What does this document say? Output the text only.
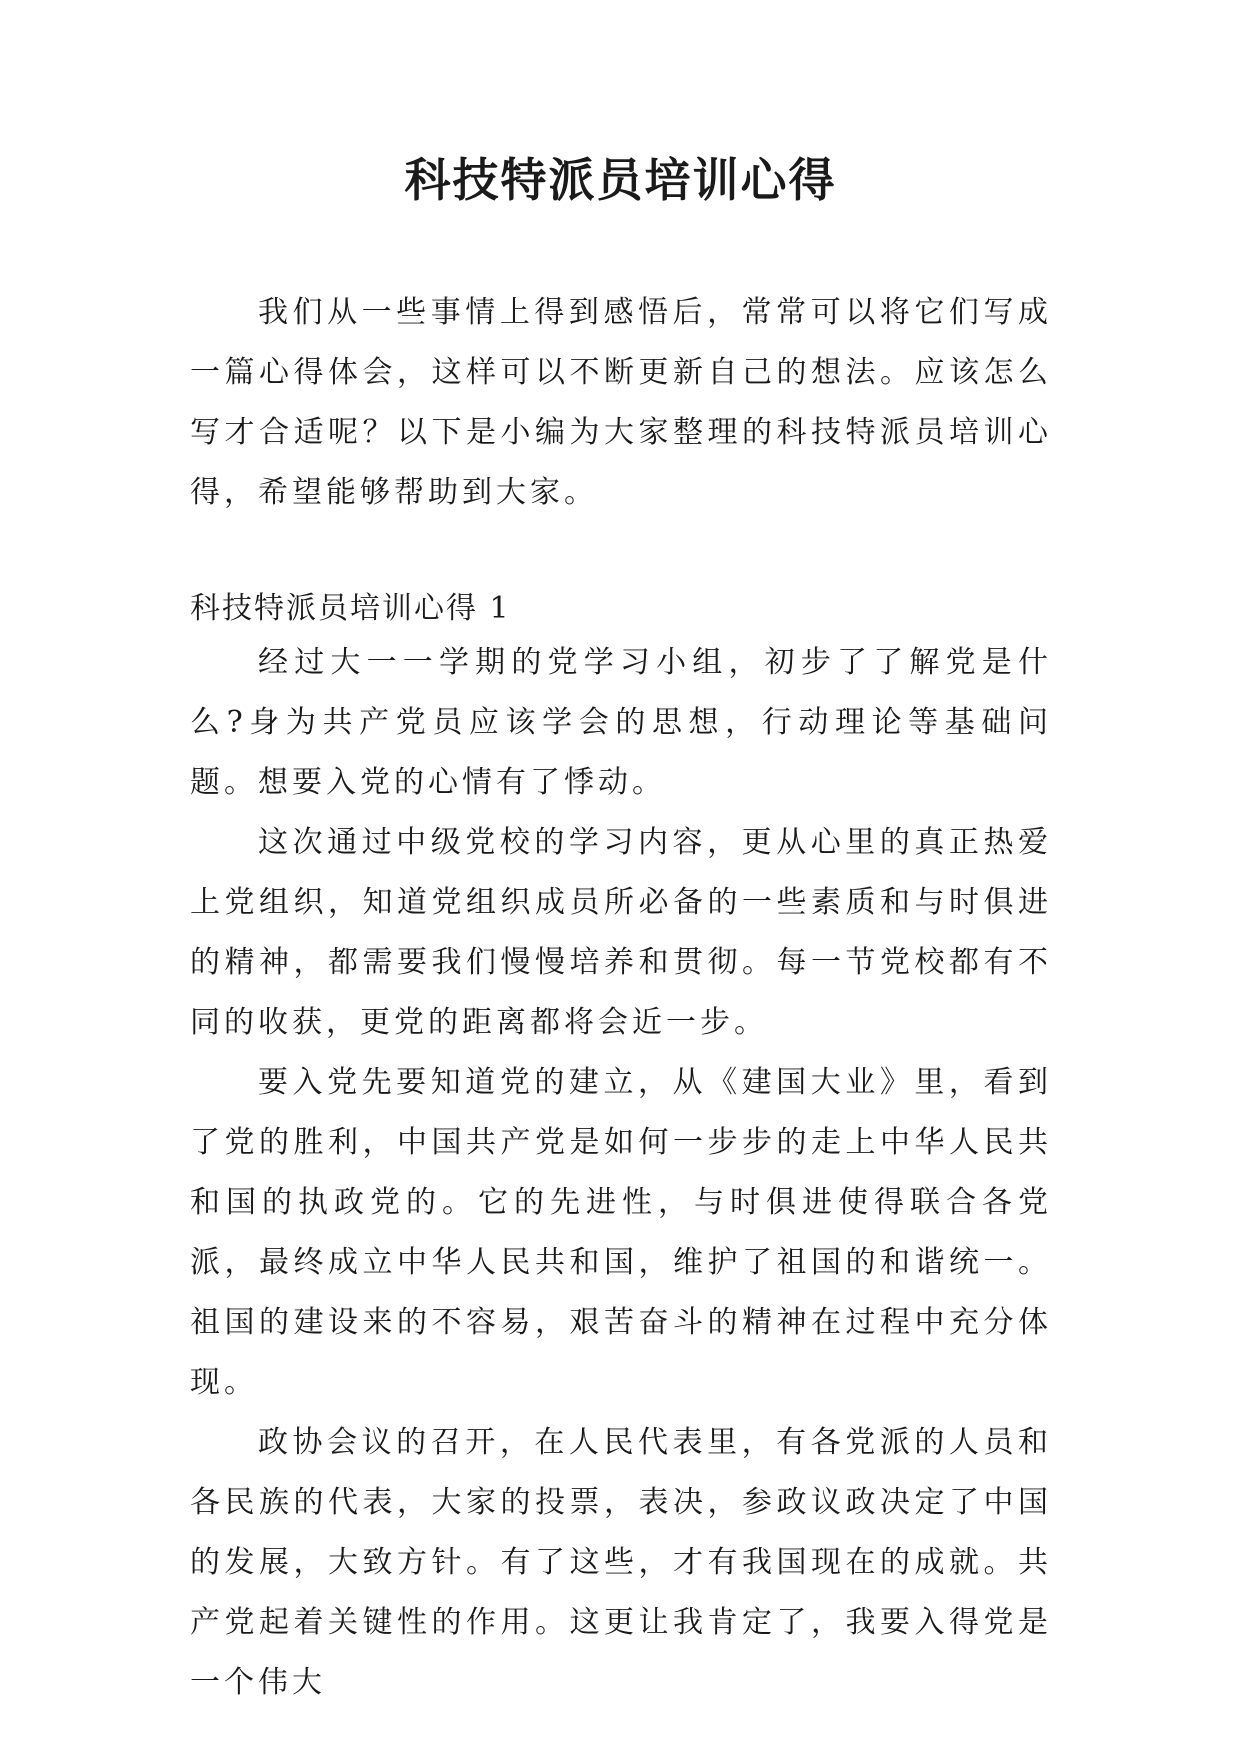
科技特派员培训心得

我们从一些事情上得到感悟后，常常可以将它们写成一篇心得体会，这样可以不断更新自己的想法。应该怎么写才合适呢？以下是小编为大家整理的科技特派员培训心得，希望能够帮助到大家。

科技特派员培训心得 1

经过大一一学期的党学习小组，初步了了解党是什么?身为共产党员应该学会的思想，行动理论等基础问题。想要入党的心情有了悸动。

这次通过中级党校的学习内容，更从心里的真正热爱上党组织，知道党组织成员所必备的一些素质和与时俱进的精神，都需要我们慢慢培养和贯彻。每一节党校都有不同的收获，更党的距离都将会近一步。

要入党先要知道党的建立，从《建国大业》里，看到了党的胜利，中国共产党是如何一步步的走上中华人民共和国的执政党的。它的先进性，与时俱进使得联合各党派，最终成立中华人民共和国，维护了祖国的和谐统一。祖国的建设来的不容易，艰苦奋斗的精神在过程中充分体现。

政协会议的召开，在人民代表里，有各党派的人员和各民族的代表，大家的投票，表决，参政议政决定了中国的发展，大致方针。有了这些，才有我国现在的成就。共产党起着关键性的作用。这更让我肯定了，我要入得党是一个伟大
